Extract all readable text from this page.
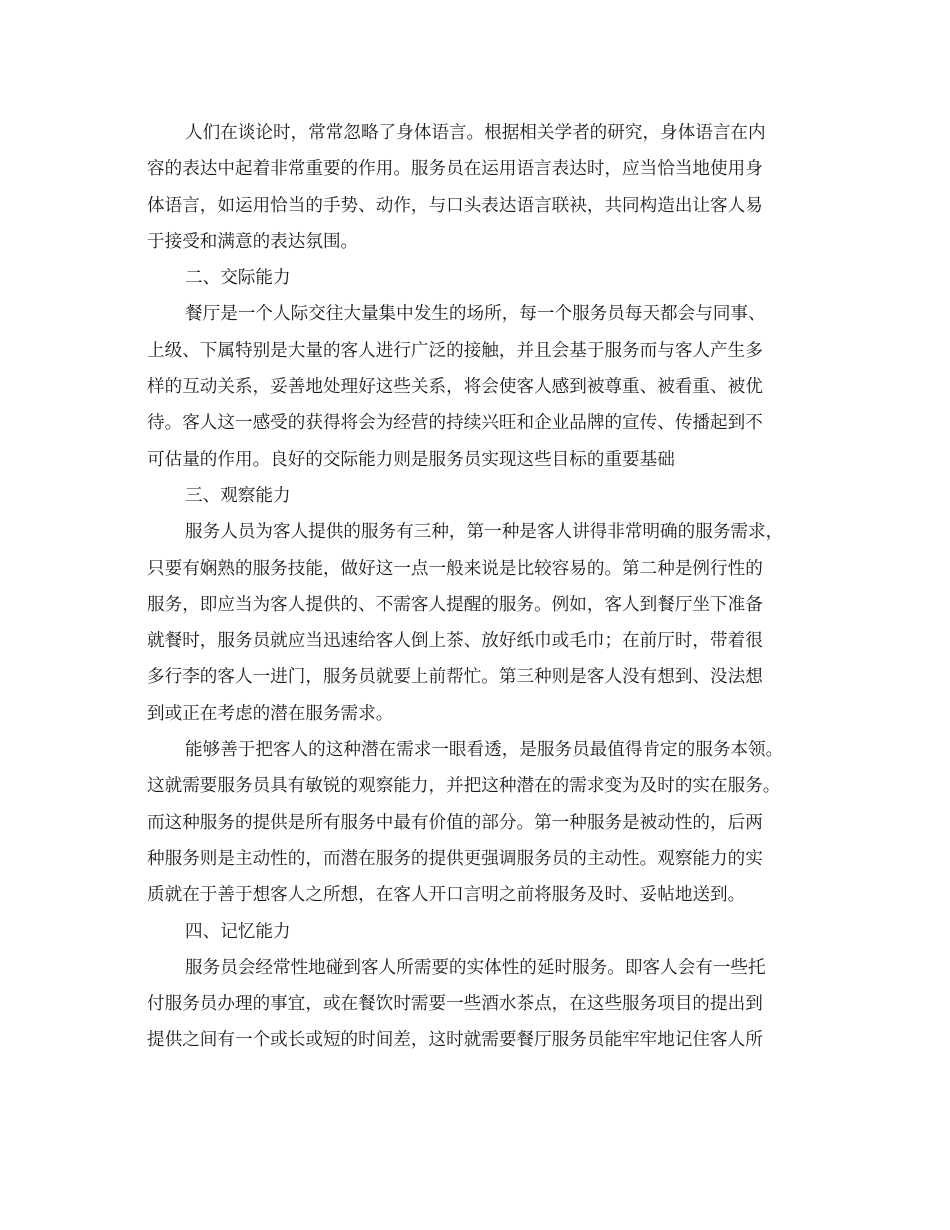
人们在谈论时，常常忽略了身体语言。根据相关学者的研究，身体语言在内
容的表达中起着非常重要的作用。服务员在运用语言表达时，应当恰当地使用身
体语言，如运用恰当的手势、动作，与口头表达语言联袂，共同构造出让客人易
于接受和满意的表达氛围。
二、交际能力
餐厅是一个人际交往大量集中发生的场所，每一个服务员每天都会与同事、
上级、下属特别是大量的客人进行广泛的接触，并且会基于服务而与客人产生多
样的互动关系，妥善地处理好这些关系，将会使客人感到被尊重、被看重、被优
待。客人这一感受的获得将会为经营的持续兴旺和企业品牌的宣传、传播起到不
可估量的作用。良好的交际能力则是服务员实现这些目标的重要基础
三、观察能力
服务人员为客人提供的服务有三种，第一种是客人讲得非常明确的服务需求，
只要有娴熟的服务技能，做好这一点一般来说是比较容易的。第二种是例行性的
服务，即应当为客人提供的、不需客人提醒的服务。例如，客人到餐厅坐下准备
就餐时，服务员就应当迅速给客人倒上茶、放好纸巾或毛巾；在前厅时，带着很
多行李的客人一进门，服务员就要上前帮忙。第三种则是客人没有想到、没法想
到或正在考虑的潜在服务需求。
能够善于把客人的这种潜在需求一眼看透，是服务员最值得肯定的服务本领。
这就需要服务员具有敏锐的观察能力，并把这种潜在的需求变为及时的实在服务。
而这种服务的提供是所有服务中最有价值的部分。第一种服务是被动性的，后两
种服务则是主动性的，而潜在服务的提供更强调服务员的主动性。观察能力的实
质就在于善于想客人之所想，在客人开口言明之前将服务及时、妥帖地送到。
四、记忆能力
服务员会经常性地碰到客人所需要的实体性的延时服务。即客人会有一些托
付服务员办理的事宜，或在餐饮时需要一些酒水茶点，在这些服务项目的提出到
提供之间有一个或长或短的时间差，这时就需要餐厅服务员能牢牢地记住客人所
